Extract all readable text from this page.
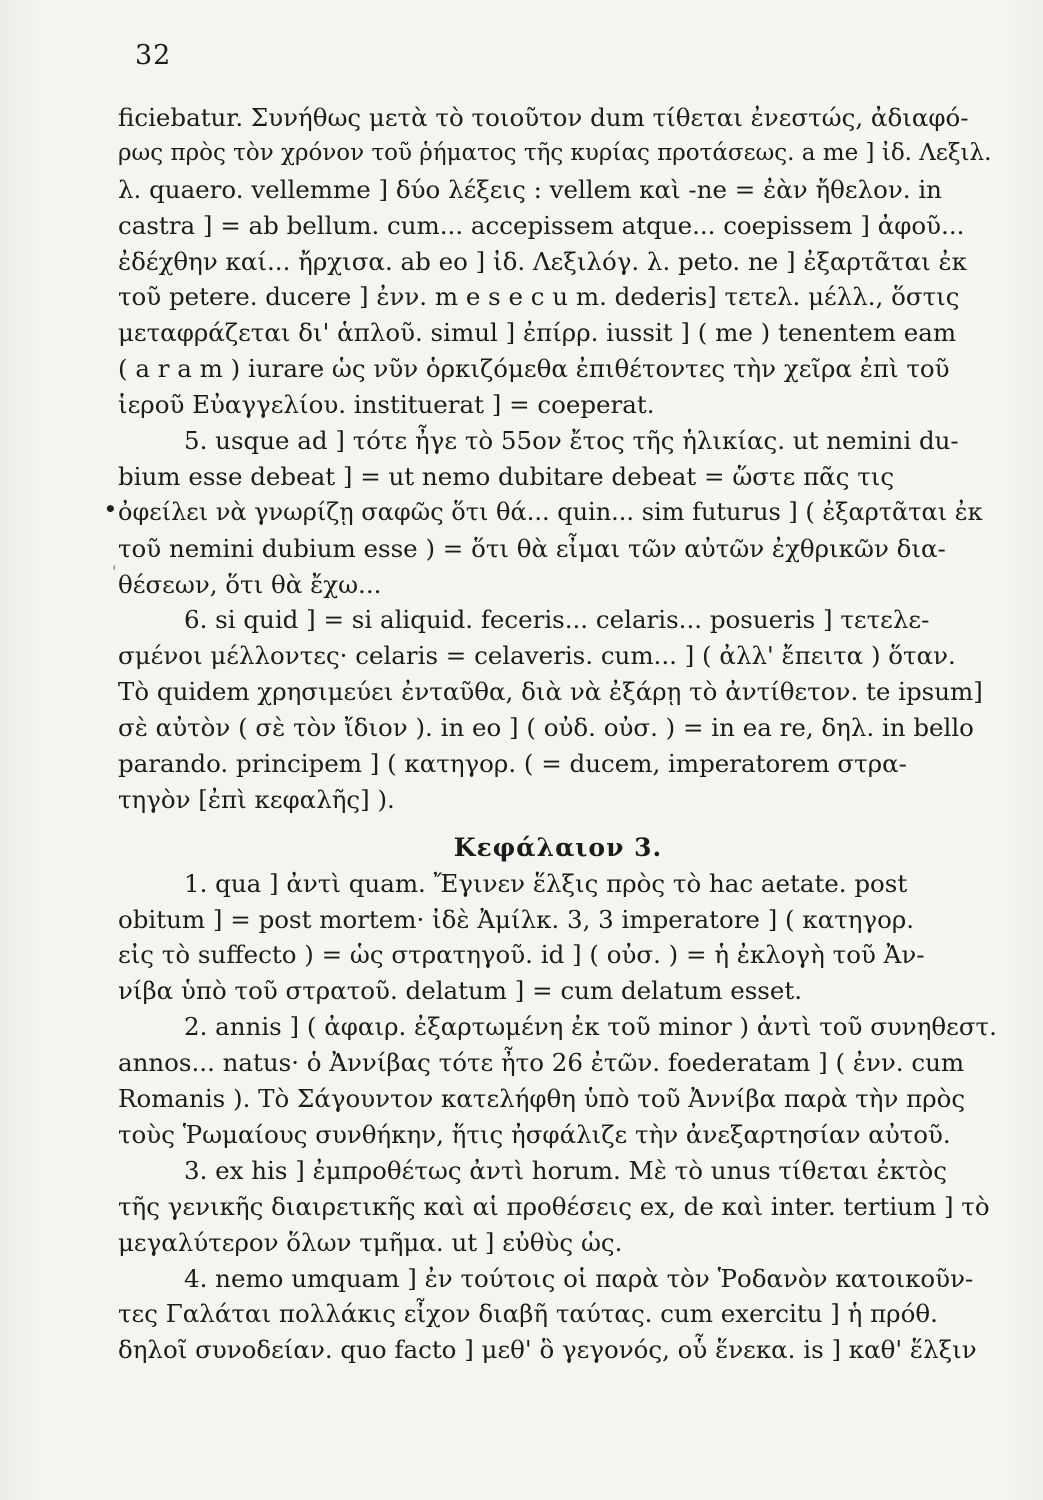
32
•
'
ficiebatur. Συνήθως μετὰ τὸ τοιοῦτον dum τίθεται ἐνεστώς, ἀδιαφό-
ρως πρὸς τὸν χρόνον τοῦ ῥήματος τῆς κυρίας προτάσεως. a me ] ἰδ. Λεξιλ.
λ. quaero. vellemme ] δύο λέξεις : vellem καὶ -ne = ἐὰν ἤθελον. in
castra ] = ab bellum. cum... accepissem atque... coepissem ] ἀφοῦ...
ἐδέχθην καί... ἤρχισα. ab eo ] ἰδ. Λεξιλόγ. λ. peto. ne ] ἐξαρτᾶται ἐκ
τοῦ petere. ducere ] ἐνν. m e s e c u m. dederis] τετελ. μέλλ., ὅστις
μεταφράζεται δι' ἁπλοῦ. simul ] ἐπίρρ. iussit ] ( me ) tenentem eam
( a r a m ) iurare ὡς νῦν ὁρκιζόμεθα ἐπιθέτοντες τὴν χεῖρα ἐπὶ τοῦ
ἱεροῦ Εὐαγγελίου. instituerat ] = coeperat.
5. usque ad ] τότε ἦγε τὸ 55ον ἔτος τῆς ἡλικίας. ut nemini du-
bium esse debeat ] = ut nemo dubitare debeat = ὥστε πᾶς τις
ὀφείλει νὰ γνωρίζῃ σαφῶς ὅτι θά... quin... sim futurus ] ( ἐξαρτᾶται ἐκ
τοῦ nemini dubium esse ) = ὅτι θὰ εἶμαι τῶν αὐτῶν ἐχθρικῶν δια-
θέσεων, ὅτι θὰ ἔχω...
6. si quid ] = si aliquid. feceris... celaris... posueris ] τετελε-
σμένοι μέλλοντες· celaris = celaveris. cum... ] ( ἀλλ' ἔπειτα ) ὅταν.
Τὸ quidem χρησιμεύει ἐνταῦθα, διὰ νὰ ἐξάρῃ τὸ ἀντίθετον. te ipsum]
σὲ αὐτὸν ( σὲ τὸν ἴδιον ). in eo ] ( οὐδ. οὐσ. ) = in ea re, δηλ. in bello
parando. principem ] ( κατηγορ. ( = ducem, imperatorem στρα-
τηγὸν [ἐπὶ κεφαλῆς] ).
Κεφάλαιον 3.
1. qua ] ἀντὶ quam. Ἔγινεν ἕλξις πρὸς τὸ hac aetate. post
obitum ] = post mortem· ἰδὲ Ἀμίλκ. 3, 3 imperatore ] ( κατηγορ.
εἰς τὸ suffecto ) = ὡς στρατηγοῦ. id ] ( οὐσ. ) = ἡ ἐκλογὴ τοῦ Ἀν-
νίβα ὑπὸ τοῦ στρατοῦ. delatum ] = cum delatum esset.
2. annis ] ( ἀφαιρ. ἐξαρτωμένη ἐκ τοῦ minor ) ἀντὶ τοῦ συνηθεστ.
annos... natus· ὁ Ἀννίβας τότε ἦτο 26 ἐτῶν. foederatam ] ( ἐνν. cum
Romanis ). Τὸ Σάγουντον κατελήφθη ὑπὸ τοῦ Ἀννίβα παρὰ τὴν πρὸς
τοὺς Ῥωμαίους συνθήκην, ἥτις ἠσφάλιζε τὴν ἀνεξαρτησίαν αὐτοῦ.
3. ex his ] ἐμπροθέτως ἀντὶ horum. Μὲ τὸ unus τίθεται ἐκτὸς
τῆς γενικῆς διαιρετικῆς καὶ αἱ προθέσεις ex, de καὶ inter. tertium ] τὸ
μεγαλύτερον ὅλων τμῆμα. ut ] εὐθὺς ὡς.
4. nemo umquam ] ἐν τούτοις οἱ παρὰ τὸν Ῥοδανὸν κατοικοῦν-
τες Γαλάται πολλάκις εἶχον διαβῆ ταύτας. cum exercitu ] ἡ πρόθ.
δηλοῖ συνοδείαν. quo facto ] μεθ' ὃ γεγονός, οὗ ἕνεκα. is ] καθ' ἕλξιν
